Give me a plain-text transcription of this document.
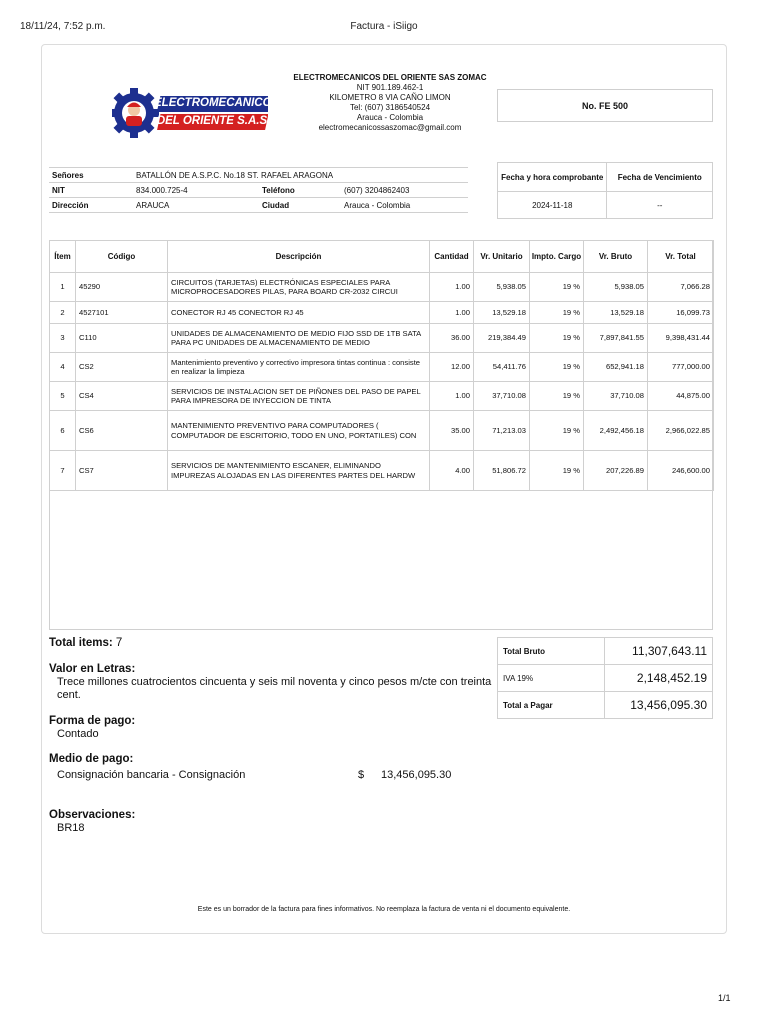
18/11/24, 7:52 p.m.	Factura - iSiigo
1/1
ELECTROMECANICOS
DEL ORIENTE S.A.S
ELECTROMECANICOS DEL ORIENTE SAS ZOMAC
NIT 901.189.462-1
KILOMETRO 8 VIA CAÑO LIMON
Tel: (607) 3186540524
Arauca - Colombia
electromecanicossaszomac@gmail.com
No. FE 500
Señores	BATALLÓN DE A.S.P.C. No.18 ST. RAFAEL ARAGONA		
NIT	834.000.725-4	Teléfono	(607) 3204862403
Dirección	ARAUCA	Ciudad	Arauca - Colombia
Fecha y hora comprobante	Fecha de Vencimiento
2024-11-18	--
Ítem	Código	Descripción	Cantidad	Vr. Unitario	Impto. Cargo	Vr. Bruto	Vr. Total
1	45290	CIRCUITOS (TARJETAS) ELECTRÓNICAS ESPECIALES PARA MICROPROCESADORES PILAS, PARA BOARD CR-2032 CIRCUI	1.00	5,938.05	19 %	5,938.05	7,066.28
2	4527101	CONECTOR RJ 45 CONECTOR RJ 45	1.00	13,529.18	19 %	13,529.18	16,099.73
3	C110	UNIDADES DE ALMACENAMIENTO DE MEDIO FIJO SSD DE 1TB SATA PARA PC UNIDADES DE ALMACENAMIENTO DE MEDIO	36.00	219,384.49	19 %	7,897,841.55	9,398,431.44
4	CS2	Mantenimiento preventivo y correctivo impresora tintas continua : consiste en realizar la limpieza	12.00	54,411.76	19 %	652,941.18	777,000.00
5	CS4	SERVICIOS DE INSTALACION SET DE PIÑONES DEL PASO DE PAPEL PARA IMPRESORA DE INYECCION DE TINTA	1.00	37,710.08	19 %	37,710.08	44,875.00
6	CS6	MANTENIMIENTO PREVENTIVO PARA COMPUTADORES ( COMPUTADOR DE ESCRITORIO, TODO EN UNO, PORTATILES) CON	35.00	71,213.03	19 %	2,492,456.18	2,966,022.85
7	CS7	SERVICIOS DE MANTENIMIENTO ESCANER, ELIMINANDO IMPUREZAS ALOJADAS EN LAS DIFERENTES PARTES DEL HARDW	4.00	51,806.72	19 %	207,226.89	246,600.00
Total items: 7
Valor en Letras:
Trece millones cuatrocientos cincuenta y seis mil noventa y cinco pesos m/cte con treinta cent.
Forma de pago:
Contado
Medio de pago:
Consignación bancaria - Consignación	$ 13,456,095.30
Observaciones:
BR18
Total Bruto	11,307,643.11
IVA 19%	2,148,452.19
Total a Pagar	13,456,095.30
Este es un borrador de la factura para fines informativos. No reemplaza la factura de venta ni el documento equivalente.
